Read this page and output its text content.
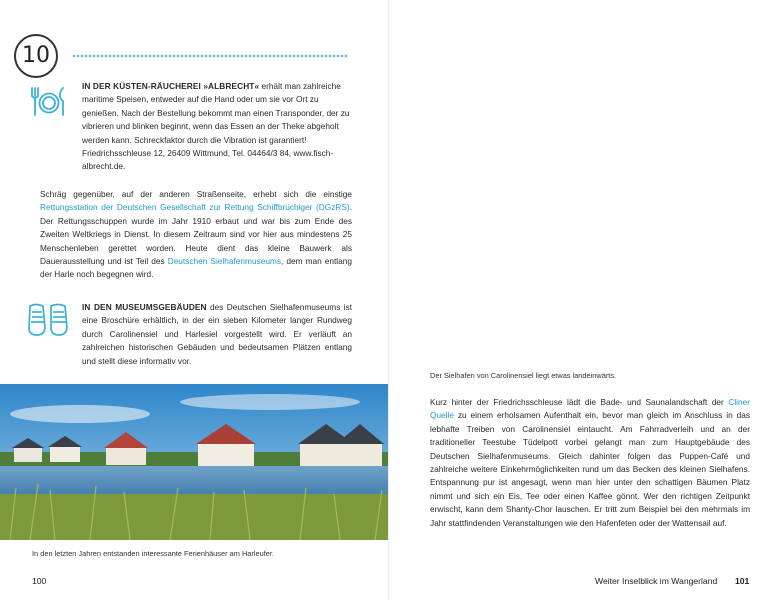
10
IN DER KÜSTEN-RÄUCHEREI »ALBRECHT« erhält man zahlreiche maritime Speisen, entweder auf die Hand oder um sie vor Ort zu genießen. Nach der Bestellung bekommt man einen Transponder, der zu vibrieren und blinken beginnt, wenn das Essen an der Theke abgeholt werden kann. Schreckfaktor durch die Vibration ist garantiert! Friedrichsschleuse 12, 26409 Wittmund, Tel. 04464/3 84, www.fisch-albrecht.de.
Schräg gegenüber, auf der anderen Straßenseite, erhebt sich die einstige Rettungsstation der Deutschen Gesellschaft zur Rettung Schiffbrüchiger (DGzRS). Der Rettungsschuppen wurde im Jahr 1910 erbaut und war bis zum Ende des Zweiten Weltkriegs in Dienst. In diesem Zeitraum sind vor hier aus mindestens 25 Menschenleben gerettet worden. Heute dient das kleine Bauwerk als Dauerausstellung und ist Teil des Deutschen Sielhafenmuseums, dem man entlang der Harle noch begegnen wird.
IN DEN MUSEUMSGEBÄUDEN des Deutschen Sielhafenmuseums ist eine Broschüre erhältlich, in der ein sieben Kilometer langer Rundweg durch Carolinensiel und Harlesiel vorgestellt wird. Er verläuft an zahlreichen historischen Gebäuden und bedeutsamen Plätzen entlang und stellt diese informativ vor.
In den letzten Jahren entstanden interessante Ferienhäuser am Harleufer.
100
Der Sielhafen von Carolinensiel liegt etwas landeinwärts.
Kurz hinter der Friedrichsschleuse lädt die Bade- und Saunalandschaft der Cliner Quelle zu einem erholsamen Aufenthalt ein, bevor man gleich im Anschluss in das lebhafte Treiben von Carolinensiel eintaucht. Am Fahrradverleih und an der traditioneller Teestube Tüdelpott vorbei gelangt man zum Hauptgebäude des Deutschen Sielhafenmuseums. Gleich dahinter folgen das Puppen-Café und zahlreiche weitere Einkehrmöglichkeiten rund um das Becken des kleinen Sielhafens. Entspannung pur ist angesagt, wenn man hier unter den schattigen Bäumen Platz nimmt und sich ein Eis, Tee oder einen Kaffee gönnt. Wer den richtigen Zeitpunkt erwischt, kann dem Shanty-Chor lauschen. Er tritt zum Beispiel bei den mehrmals im Jahr stattfindenden Veranstaltungen wie den Hafenfeten oder der Wattensail auf.
Weiter Inselblick im Wangerland 101
